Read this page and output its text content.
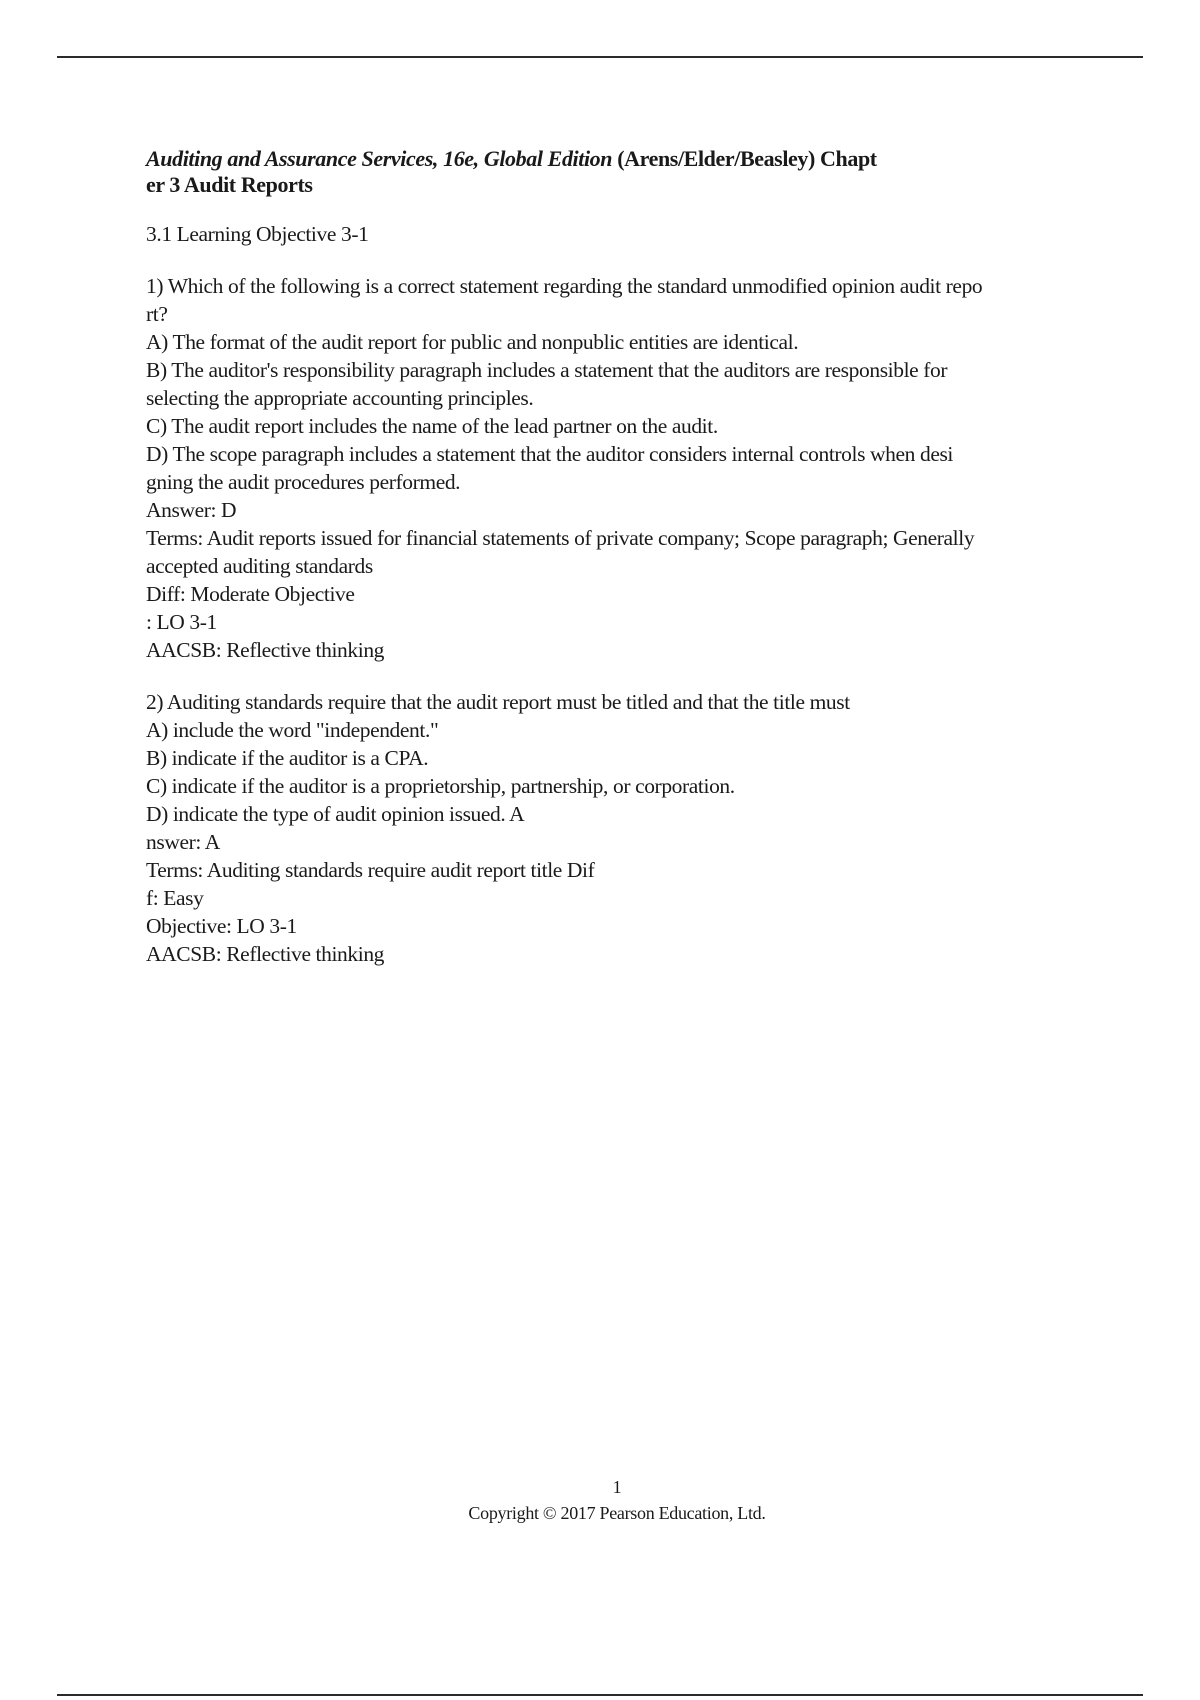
Auditing and Assurance Services, 16e, Global Edition (Arens/Elder/Beasley) Chapt
er 3 Audit Reports
3.1 Learning Objective 3-1
1) Which of the following is a correct statement regarding the standard unmodified opinion audit repo
rt?
A) The format of the audit report for public and nonpublic entities are identical.
B) The auditor's responsibility paragraph includes a statement that the auditors are responsible for
selecting the appropriate accounting principles.
C) The audit report includes the name of the lead partner on the audit.
D) The scope paragraph includes a statement that the auditor considers internal controls when desi
gning the audit procedures performed.
Answer: D
Terms: Audit reports issued for financial statements of private company; Scope paragraph; Generally
accepted auditing standards
Diff: Moderate Objective
: LO 3-1
AACSB: Reflective thinking
2) Auditing standards require that the audit report must be titled and that the title must
A) include the word "independent."
B) indicate if the auditor is a CPA.
C) indicate if the auditor is a proprietorship, partnership, or corporation.
D) indicate the type of audit opinion issued. A
nswer: A
Terms: Auditing standards require audit report title Dif
f: Easy
Objective: LO 3-1
AACSB: Reflective thinking
1
Copyright © 2017 Pearson Education, Ltd.
